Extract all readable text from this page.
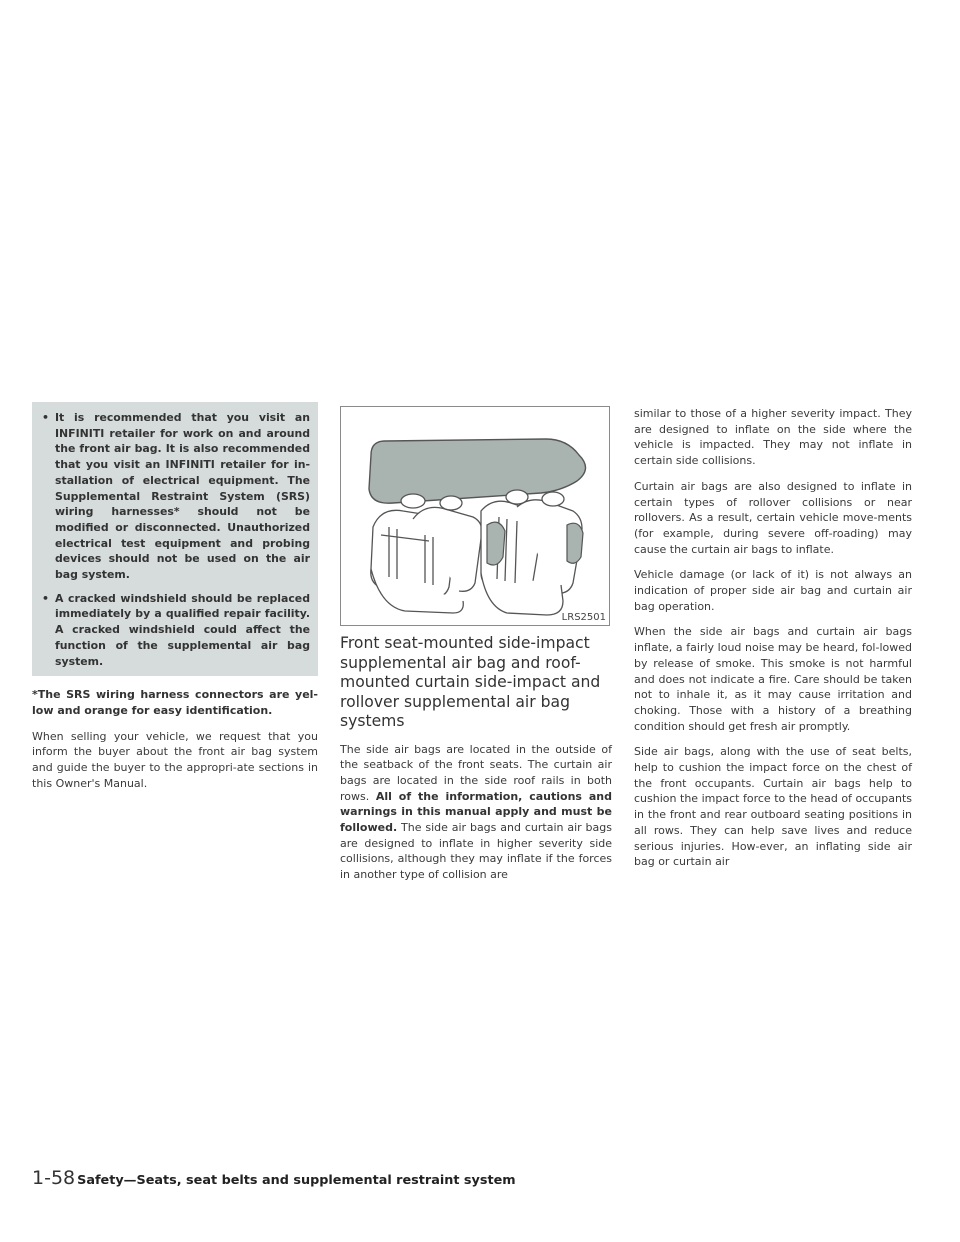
• It is recommended that you visit an INFINITI retailer for work on and around the front air bag. It is also recommended that you visit an INFINITI retailer for in-stallation of electrical equipment. The Supplemental Restraint System (SRS) wiring harnesses* should not be modified or disconnected. Unauthorized electrical test equipment and probing devices should not be used on the air bag system.
• A cracked windshield should be replaced immediately by a qualified repair facility. A cracked windshield could affect the function of the supplemental air bag system.

*The SRS wiring harness connectors are yel-low and orange for easy identification.

When selling your vehicle, we request that you inform the buyer about the front air bag system and guide the buyer to the appropri-ate sections in this Owner's Manual.

LRS2501
Front seat-mounted side-impact supplemental air bag and roof-mounted curtain side-impact and rollover supplemental air bag systems

The side air bags are located in the outside of the seatback of the front seats. The curtain air bags are located in the side roof rails in both rows. All of the information, cautions and warnings in this manual apply and must be followed. The side air bags and curtain air bags are designed to inflate in higher severity side collisions, although they may inflate if the forces in another type of collision are

similar to those of a higher severity impact. They are designed to inflate on the side where the vehicle is impacted. They may not inflate in certain side collisions.

Curtain air bags are also designed to inflate in certain types of rollover collisions or near rollovers. As a result, certain vehicle move-ments (for example, during severe off-roading) may cause the curtain air bags to inflate.

Vehicle damage (or lack of it) is not always an indication of proper side air bag and curtain air bag operation.

When the side air bags and curtain air bags inflate, a fairly loud noise may be heard, fol-lowed by release of smoke. This smoke is not harmful and does not indicate a fire. Care should be taken not to inhale it, as it may cause irritation and choking. Those with a history of a breathing condition should get fresh air promptly.

Side air bags, along with the use of seat belts, help to cushion the impact force on the chest of the front occupants. Curtain air bags help to cushion the impact force to the head of occupants in the front and rear outboard seating positions in all rows. They can help save lives and reduce serious injuries. How-ever, an inflating side air bag or curtain air

1-58 Safety—Seats, seat belts and supplemental restraint system
